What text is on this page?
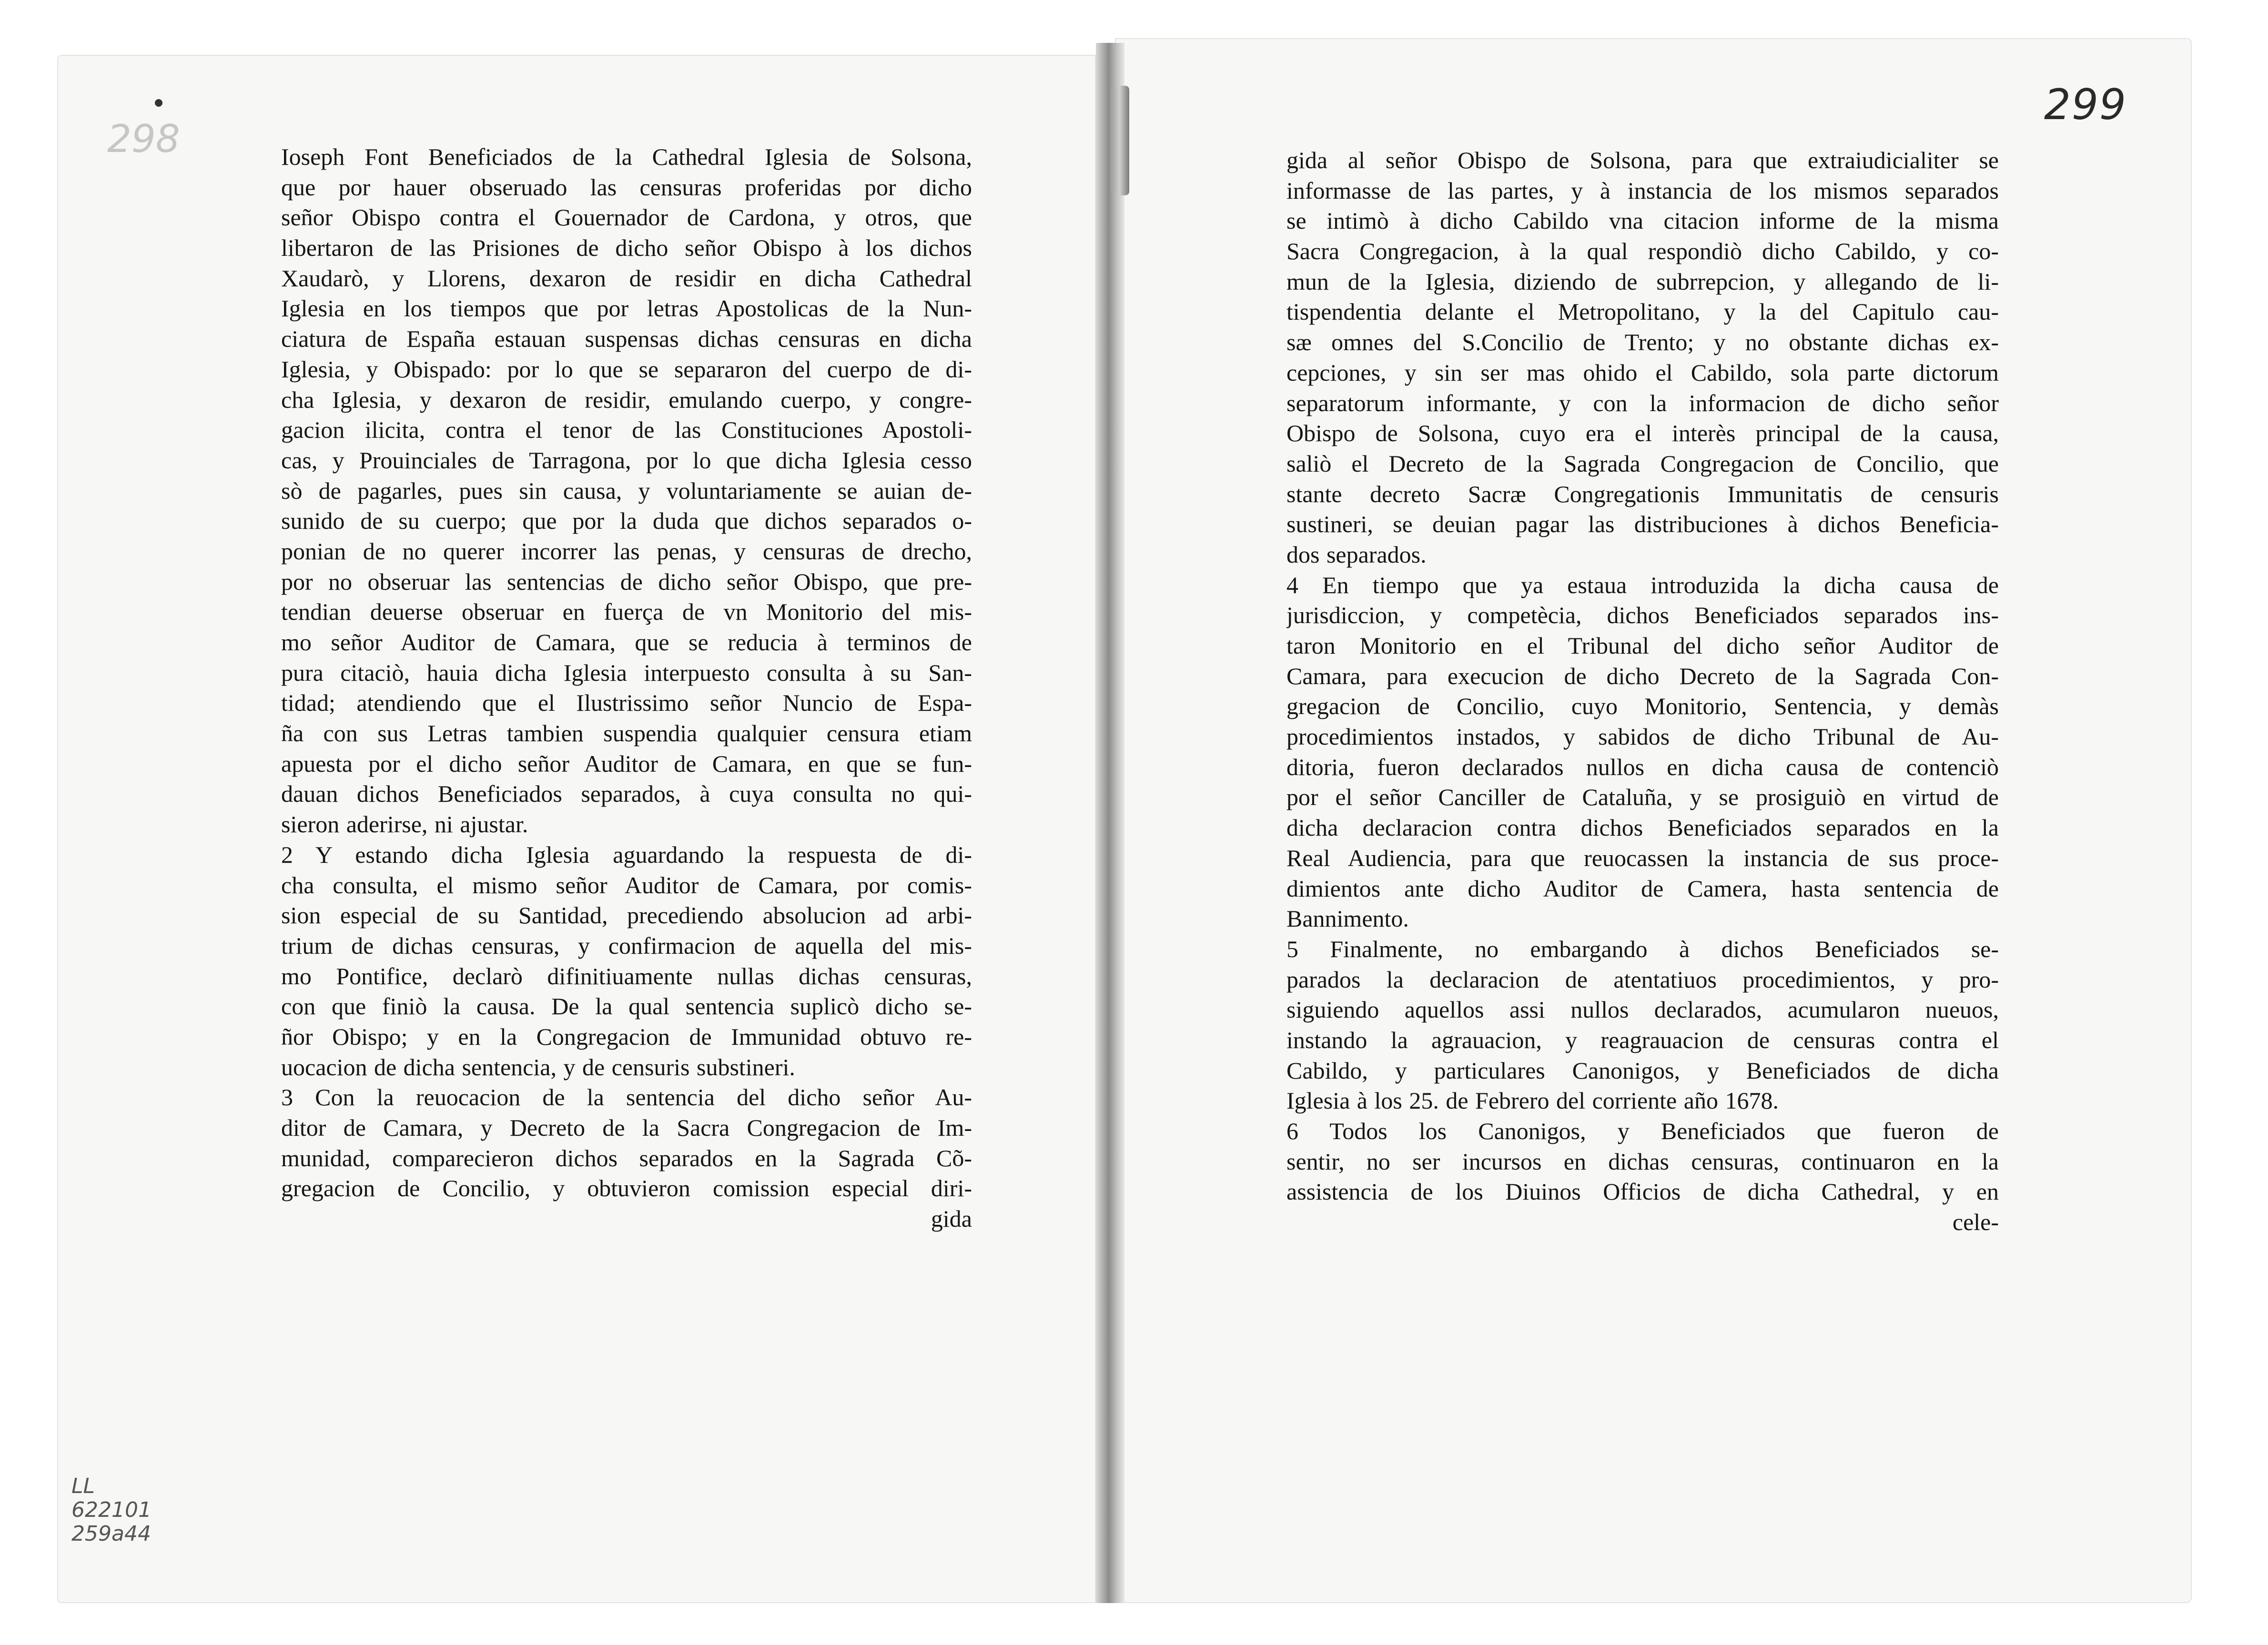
298
299
Ioseph Font Beneficiados de la Cathedral Iglesia de Solsona,
que por hauer obseruado las censuras proferidas por dicho
señor Obispo contra el Gouernador de Cardona, y otros, que
libertaron de las Prisiones de dicho señor Obispo à los dichos
Xaudarò, y Llorens, dexaron de residir en dicha Cathedral
Iglesia en los tiempos que por letras Apostolicas de la Nun-
ciatura de España estauan suspensas dichas censuras en dicha
Iglesia, y Obispado: por lo que se separaron del cuerpo de di-
cha Iglesia, y dexaron de residir, emulando cuerpo, y congre-
gacion ilicita, contra el tenor de las Constituciones Apostoli-
cas, y Prouinciales de Tarragona, por lo que dicha Iglesia cesso
sò de pagarles, pues sin causa, y voluntariamente se auian de-
sunido de su cuerpo; que por la duda que dichos separados o-
ponian de no querer incorrer las penas, y censuras de drecho,
por no obseruar las sentencias de dicho señor Obispo, que pre-
tendian deuerse obseruar en fuerça de vn Monitorio del mis-
mo señor Auditor de Camara, que se reducia à terminos de
pura citaciò, hauia dicha Iglesia interpuesto consulta à su San-
tidad; atendiendo que el Ilustrissimo señor Nuncio de Espa-
ña con sus Letras tambien suspendia qualquier censura etiam
apuesta por el dicho señor Auditor de Camara, en que se fun-
dauan dichos Beneficiados separados, à cuya consulta no qui-
sieron aderirse, ni ajustar.
2 Y estando dicha Iglesia aguardando la respuesta de di-
cha consulta, el mismo señor Auditor de Camara, por comis-
sion especial de su Santidad, precediendo absolucion ad arbi-
trium de dichas censuras, y confirmacion de aquella del mis-
mo Pontifice, declarò difinitiuamente nullas dichas censuras,
con que finiò la causa. De la qual sentencia suplicò dicho se-
ñor Obispo; y en la Congregacion de Immunidad obtuvo re-
uocacion de dicha sentencia, y de censuris substineri.
3 Con la reuocacion de la sentencia del dicho señor Au-
ditor de Camara, y Decreto de la Sacra Congregacion de Im-
munidad, comparecieron dichos separados en la Sagrada Cõ-
gregacion de Concilio, y obtuvieron comission especial diri-
gida
gida al señor Obispo de Solsona, para que extraiudicialiter se
informasse de las partes, y à instancia de los mismos separados
se intimò à dicho Cabildo vna citacion informe de la misma
Sacra Congregacion, à la qual respondiò dicho Cabildo, y co-
mun de la Iglesia, diziendo de subrrepcion, y allegando de li-
tispendentia delante el Metropolitano, y la del Capitulo cau-
sæ omnes del S.Concilio de Trento; y no obstante dichas ex-
cepciones, y sin ser mas ohido el Cabildo, sola parte dictorum
separatorum informante, y con la informacion de dicho señor
Obispo de Solsona, cuyo era el interès principal de la causa,
saliò el Decreto de la Sagrada Congregacion de Concilio, que
stante decreto Sacræ Congregationis Immunitatis de censuris
sustineri, se deuian pagar las distribuciones à dichos Beneficia-
dos separados.
4 En tiempo que ya estaua introduzida la dicha causa de
jurisdiccion, y competècia, dichos Beneficiados separados ins-
taron Monitorio en el Tribunal del dicho señor Auditor de
Camara, para execucion de dicho Decreto de la Sagrada Con-
gregacion de Concilio, cuyo Monitorio, Sentencia, y demàs
procedimientos instados, y sabidos de dicho Tribunal de Au-
ditoria, fueron declarados nullos en dicha causa de contenciò
por el señor Canciller de Cataluña, y se prosiguiò en virtud de
dicha declaracion contra dichos Beneficiados separados en la
Real Audiencia, para que reuocassen la instancia de sus proce-
dimientos ante dicho Auditor de Camera, hasta sentencia de
Bannimento.
5 Finalmente, no embargando à dichos Beneficiados se-
parados la declaracion de atentatiuos procedimientos, y pro-
siguiendo aquellos assi nullos declarados, acumularon nueuos,
instando la agrauacion, y reagrauacion de censuras contra el
Cabildo, y particulares Canonigos, y Beneficiados de dicha
Iglesia à los 25. de Febrero del corriente año 1678.
6 Todos los Canonigos, y Beneficiados que fueron de
sentir, no ser incursos en dichas censuras, continuaron en la
assistencia de los Diuinos Officios de dicha Cathedral, y en
cele-
LL
622101
259a44
